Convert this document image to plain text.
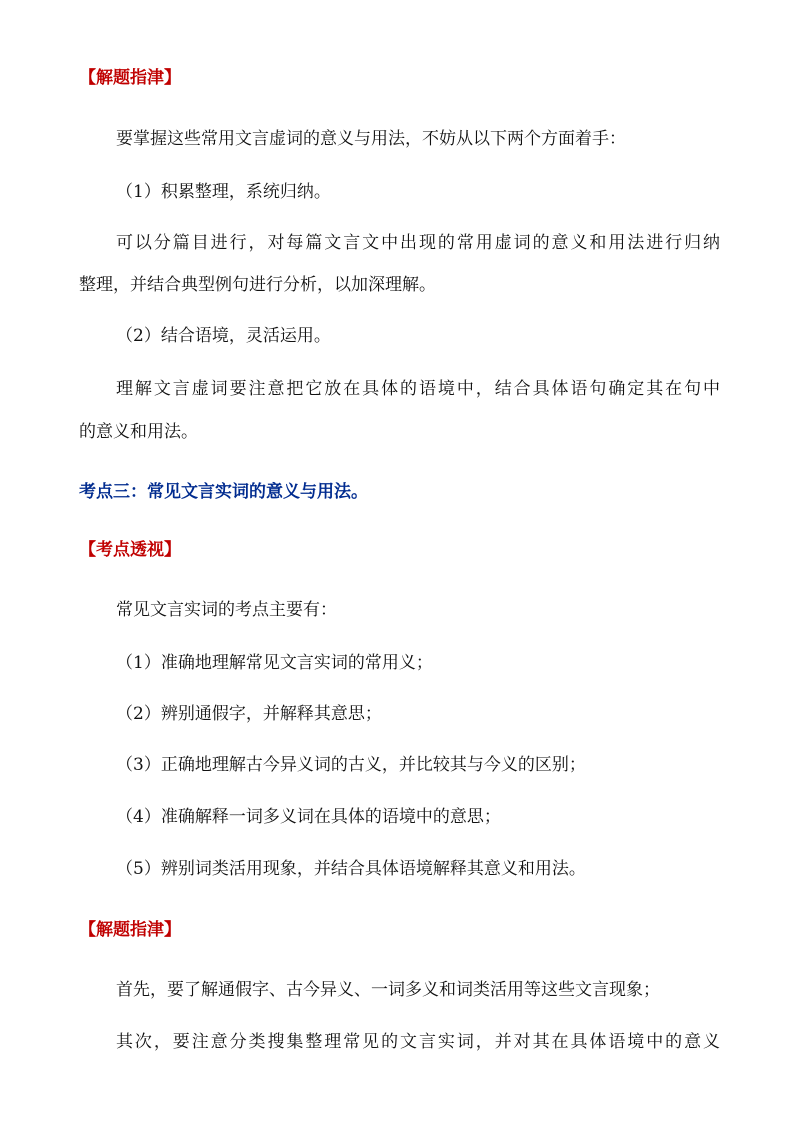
【解题指津】
要掌握这些常用文言虚词的意义与用法，不妨从以下两个方面着手：
（1）积累整理，系统归纳。
可以分篇目进行，对每篇文言文中出现的常用虚词的意义和用法进行归纳
整理，并结合典型例句进行分析，以加深理解。
（2）结合语境，灵活运用。
理解文言虚词要注意把它放在具体的语境中，结合具体语句确定其在句中
的意义和用法。
考点三：常见文言实词的意义与用法。
【考点透视】
常见文言实词的考点主要有：
（1）准确地理解常见文言实词的常用义；
（2）辨别通假字，并解释其意思；
（3）正确地理解古今异义词的古义，并比较其与今义的区别；
（4）准确解释一词多义词在具体的语境中的意思；
（5）辨别词类活用现象，并结合具体语境解释其意义和用法。
【解题指津】
首先，要了解通假字、古今异义、一词多义和词类活用等这些文言现象；
其次，要注意分类搜集整理常见的文言实词，并对其在具体语境中的意义
